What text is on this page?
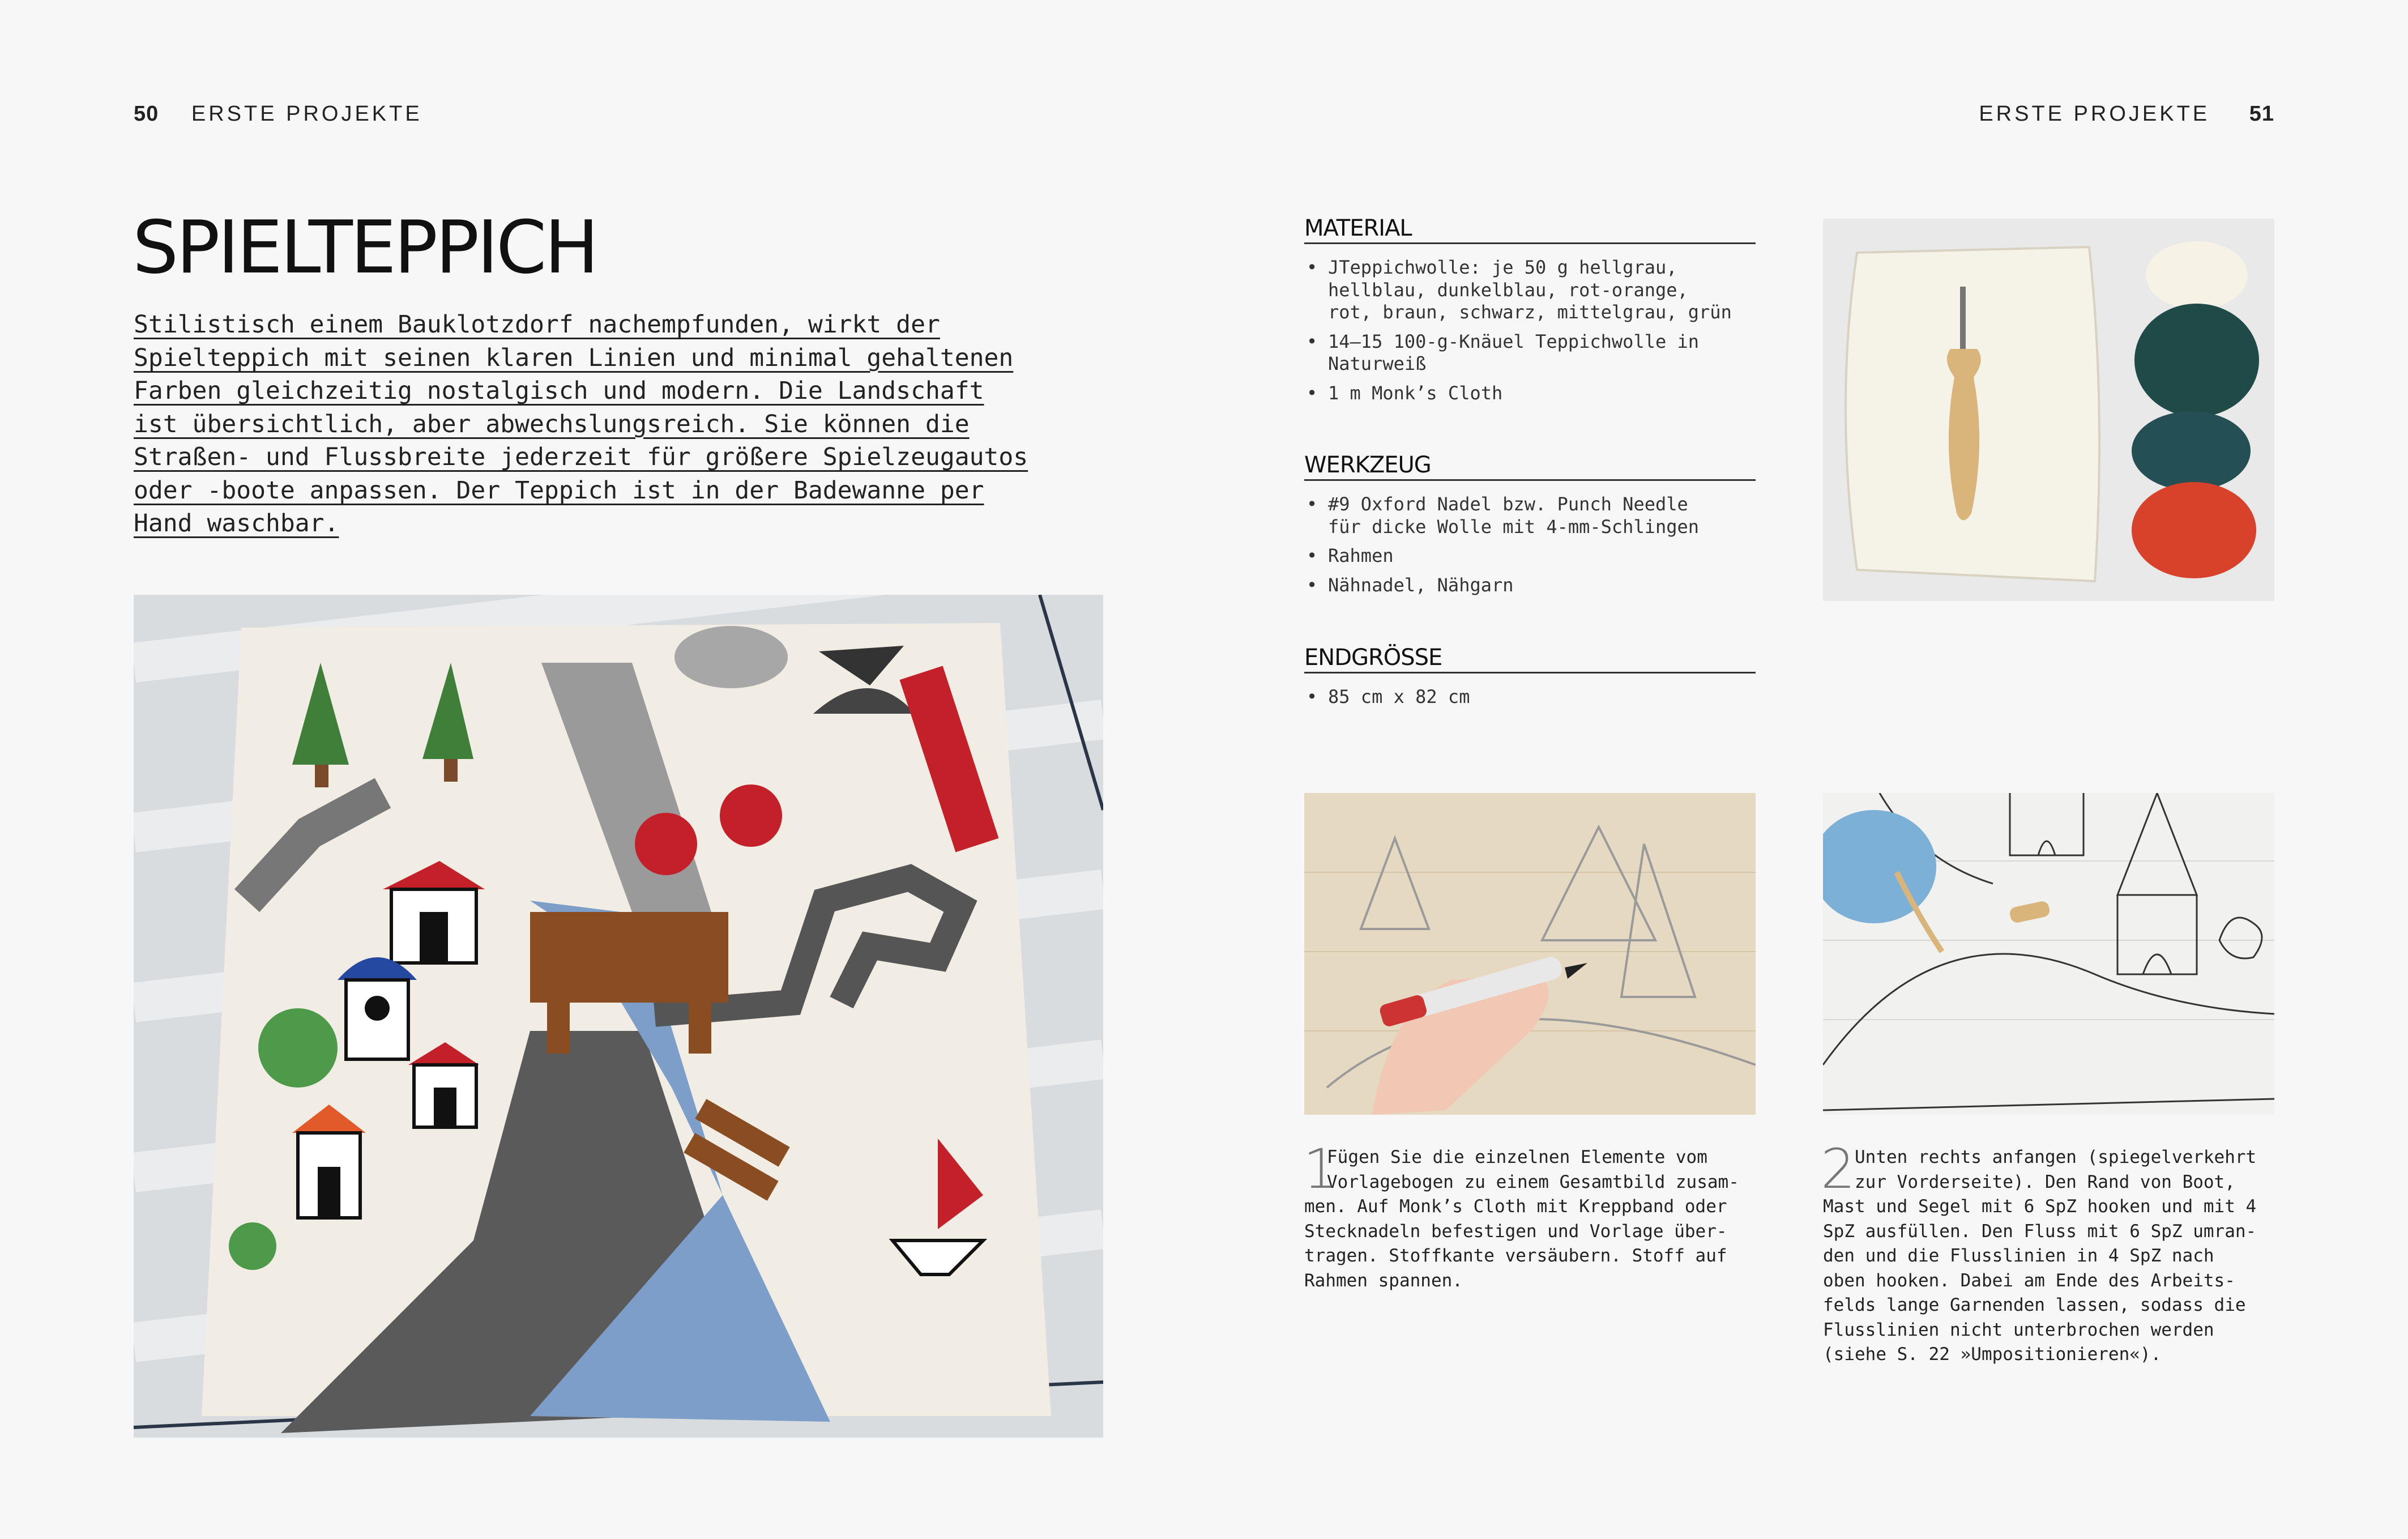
50 ERSTE PROJEKTE	ERSTE PROJEKTE 51
SPIELTEPPICH
Stilistisch einem Bauklotzdorf nachempfunden, wirkt der
Spielteppich mit seinen klaren Linien und minimal gehaltenen
Farben gleichzeitig nostalgisch und modern. Die Landschaft
ist übersichtlich, aber abwechslungsreich. Sie können die
Straßen- und Flussbreite jederzeit für größere Spielzeugautos
oder -boote anpassen. Der Teppich ist in der Badewanne per
Hand waschbar.
MATERIAL
• JTeppichwolle: je 50 g hellgrau,
hellblau, dunkelblau, rot-orange,
rot, braun, schwarz, mittelgrau, grün
• 14–15 100-g-Knäuel Teppichwolle in
Naturweiß
• 1 m Monk’s Cloth
WERKZEUG
• #9 Oxford Nadel bzw. Punch Needle
für dicke Wolle mit 4-mm-Schlingen
• Rahmen
• Nähnadel, Nähgarn
ENDGRÖSSE
• 85 cm x 82 cm
1
Fügen Sie die einzelnen Elemente vom
Vorlagebogen zu einem Gesamtbild zusam-
men. Auf Monk’s Cloth mit Kreppband oder
Stecknadeln befestigen und Vorlage über-
tragen. Stoffkante versäubern. Stoff auf
Rahmen spannen.
2
Unten rechts anfangen (spiegelverkehrt
zur Vorderseite). Den Rand von Boot,
Mast und Segel mit 6 SpZ hooken und mit 4
SpZ ausfüllen. Den Fluss mit 6 SpZ umran-
den und die Flusslinien in 4 SpZ nach
oben hooken. Dabei am Ende des Arbeits-
felds lange Garnenden lassen, sodass die
Flusslinien nicht unterbrochen werden
(siehe S. 22 »Umpositionieren«).
